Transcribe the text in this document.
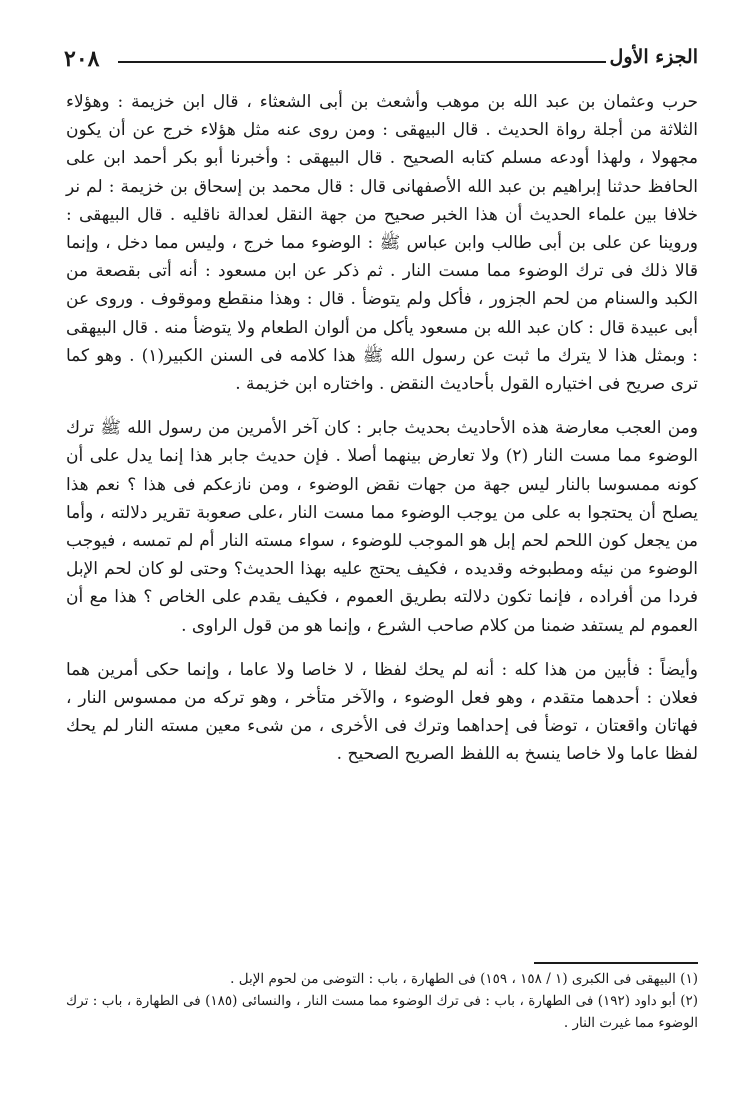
٢٠٨	الجزء الأول

حرب وعثمان بن عبد الله بن موهب وأشعث بن أبى الشعثاء ، قال ابن خزيمة : وهؤلاء الثلاثة من أجلة رواة الحديث . قال البيهقى : ومن روى عنه مثل هؤلاء خرج عن أن يكون مجهولا ، ولهذا أودعه مسلم كتابه الصحيح . قال البيهقى : وأخبرنا أبو بكر أحمد ابن على الحافظ حدثنا إبراهيم بن عبد الله الأصفهانى قال : قال محمد بن إسحاق بن خزيمة : لم نر خلافا بين علماء الحديث أن هذا الخبر صحيح من جهة النقل لعدالة ناقليه . قال البيهقى : وروينا عن على بن أبى طالب وابن عباس ﷺ : الوضوء مما خرج ، وليس مما دخل ، وإنما قالا ذلك فى ترك الوضوء مما مست النار . ثم ذكر عن ابن مسعود : أنه أتى بقصعة من الكبد والسنام من لحم الجزور ، فأكل ولم يتوضأ . قال : وهذا منقطع وموقوف . وروى عن أبى عبيدة قال : كان عبد الله بن مسعود يأكل من ألوان الطعام ولا يتوضأ منه . قال البيهقى : وبمثل هذا لا يترك ما ثبت عن رسول الله ﷺ هذا كلامه فى السنن الكبير(١) . وهو كما ترى صريح فى اختياره القول بأحاديث النقض . واختاره ابن خزيمة .

ومن العجب معارضة هذه الأحاديث بحديث جابر : كان آخر الأمرين من رسول الله ﷺ ترك الوضوء مما مست النار (٢) ولا تعارض بينهما أصلا . فإن حديث جابر هذا إنما يدل على أن كونه ممسوسا بالنار ليس جهة من جهات نقض الوضوء ، ومن نازعكم فى هذا ؟ نعم هذا يصلح أن يحتجوا به على من يوجب الوضوء مما مست النار ،على صعوبة تقرير دلالته ، وأما من يجعل كون اللحم لحم إبل هو الموجب للوضوء ، سواء مسته النار أم لم تمسه ، فيوجب الوضوء من نيئه ومطبوخه وقديده ، فكيف يحتج عليه بهذا الحديث؟ وحتى لو كان لحم الإبل فردا من أفراده ، فإنما تكون دلالته بطريق العموم ، فكيف يقدم على الخاص ؟ هذا مع أن العموم لم يستفد ضمنا من كلام صاحب الشرع ، وإنما هو من قول الراوى .

وأيضاً : فأبين من هذا كله : أنه لم يحك لفظا ، لا خاصا ولا عاما ، وإنما حكى أمرين هما فعلان : أحدهما متقدم ، وهو فعل الوضوء ، والآخر متأخر ، وهو تركه من ممسوس النار ، فهاتان واقعتان ، توضأ فى إحداهما وترك فى الأخرى ، من شىء معين مسته النار لم يحك لفظا عاما ولا خاصا ينسخ به اللفظ الصريح الصحيح .

(١) البيهقى فى الكبرى (١ / ١٥٨ ، ١٥٩) فى الطهارة ، باب : التوضى من لحوم الإبل .

(٢) أبو داود (١٩٢) فى الطهارة ، باب : فى ترك الوضوء مما مست النار ، والنسائى (١٨٥) فى الطهارة ، باب : ترك الوضوء مما غيرت النار .
